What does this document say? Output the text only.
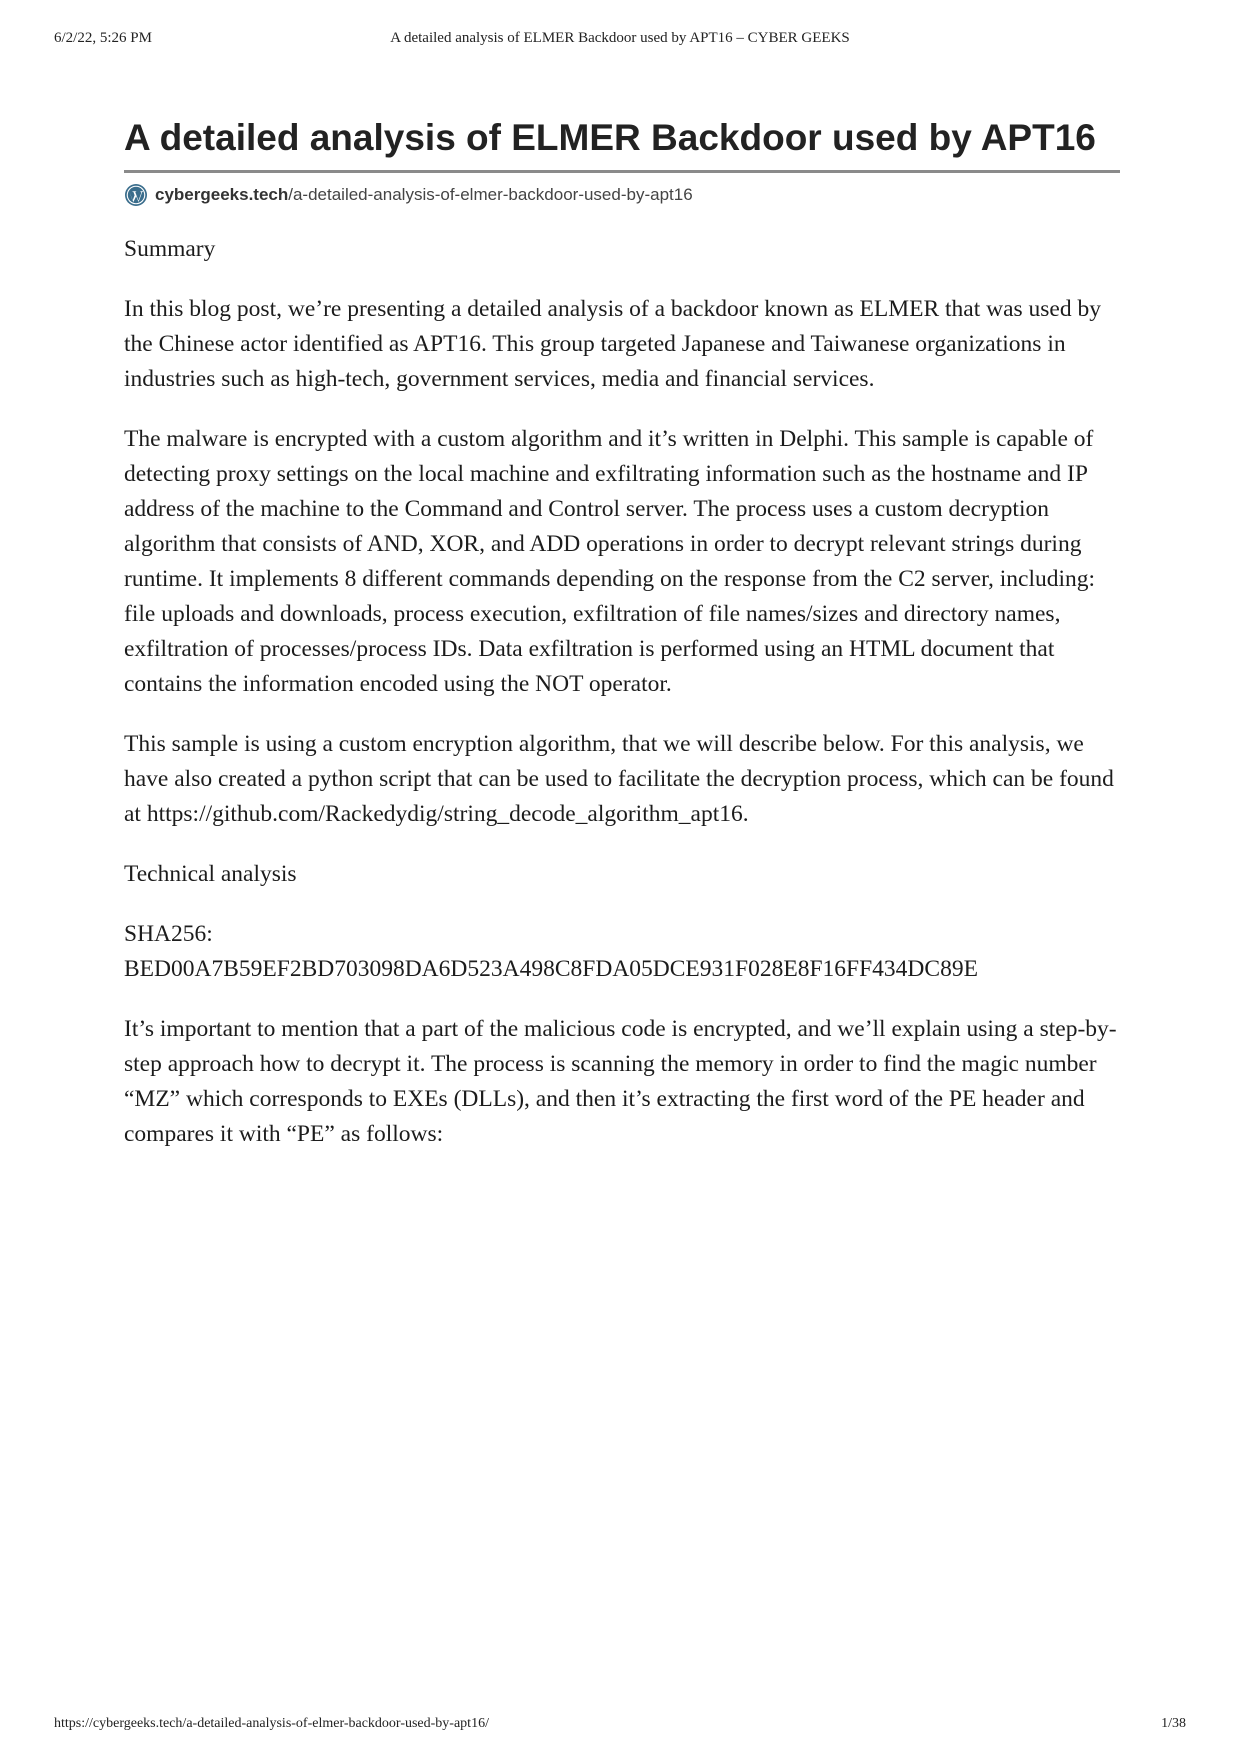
6/2/22, 5:26 PM	A detailed analysis of ELMER Backdoor used by APT16 – CYBER GEEKS
A detailed analysis of ELMER Backdoor used by APT16
cybergeeks.tech /a-detailed-analysis-of-elmer-backdoor-used-by-apt16

Summary

In this blog post, we’re presenting a detailed analysis of a backdoor known as ELMER that was used by the Chinese actor identified as APT16. This group targeted Japanese and Taiwanese organizations in industries such as high-tech, government services, media and financial services.

The malware is encrypted with a custom algorithm and it’s written in Delphi. This sample is capable of detecting proxy settings on the local machine and exfiltrating information such as the hostname and IP address of the machine to the Command and Control server. The process uses a custom decryption algorithm that consists of AND, XOR, and ADD operations in order to decrypt relevant strings during runtime. It implements 8 different commands depending on the response from the C2 server, including: file uploads and downloads, process execution, exfiltration of file names/sizes and directory names, exfiltration of processes/process IDs. Data exfiltration is performed using an HTML document that contains the information encoded using the NOT operator.

This sample is using a custom encryption algorithm, that we will describe below. For this analysis, we have also created a python script that can be used to facilitate the decryption process, which can be found at https://github.com/Rackedydig/string_decode_algorithm_apt16.

Technical analysis

SHA256:
BED00A7B59EF2BD703098DA6D523A498C8FDA05DCE931F028E8F16FF434DC89E

It’s important to mention that a part of the malicious code is encrypted, and we’ll explain using a step-by-step approach how to decrypt it. The process is scanning the memory in order to find the magic number “MZ” which corresponds to EXEs (DLLs), and then it’s extracting the first word of the PE header and compares it with “PE” as follows:

https://cybergeeks.tech/a-detailed-analysis-of-elmer-backdoor-used-by-apt16/	1/38
